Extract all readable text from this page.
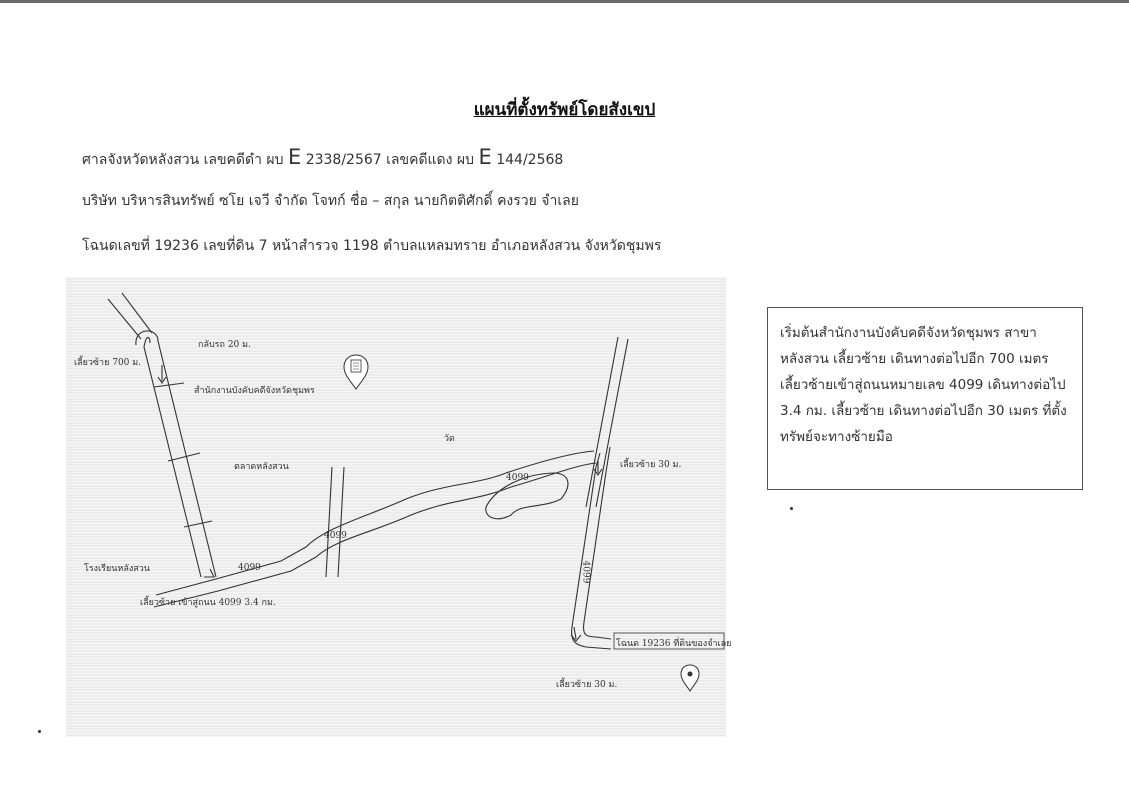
แผนที่ตั้งทรัพย์โดยสังเขป
ศาลจังหวัดหลังสวน เลขคดีดำ ผบ E 2338/2567 เลขคดีแดง ผบ E 144/2568
บริษัท บริหารสินทรัพย์ ซโย เจวี จำกัด โจทก์ ชื่อ – สกุล นายกิตติศักดิ์ คงรวย จำเลย
โฉนดเลขที่ 19236 เลขที่ดิน 7 หน้าสำรวจ 1198 ตำบลแหลมทราย อำเภอหลังสวน จังหวัดชุมพร
กลับรถ 20 ม.
เลี้ยวซ้าย 700 ม.
สำนักงานบังคับคดีจังหวัดชุมพร
ตลาดหลังสวน
วัด
โรงเรียนหลังสวน	4099
4099
4099
4099
เลี้ยวซ้าย เข้าสู่ถนน 4099 3.4 กม.
เลี้ยวซ้าย 30 ม.
เลี้ยวซ้าย 30 ม.
โฉนด 19236 ที่ดินของจำเลย
เริ่มต้นสำนักงานบังคับคดีจังหวัดชุมพร สาขาหลังสวน เลี้ยวซ้าย เดินทางต่อไปอีก 700 เมตร เลี้ยวซ้ายเข้าสู่ถนนหมายเลข 4099 เดินทางต่อไป 3.4 กม. เลี้ยวซ้าย เดินทางต่อไปอีก 30 เมตร ที่ตั้งทรัพย์จะทางซ้ายมือ
